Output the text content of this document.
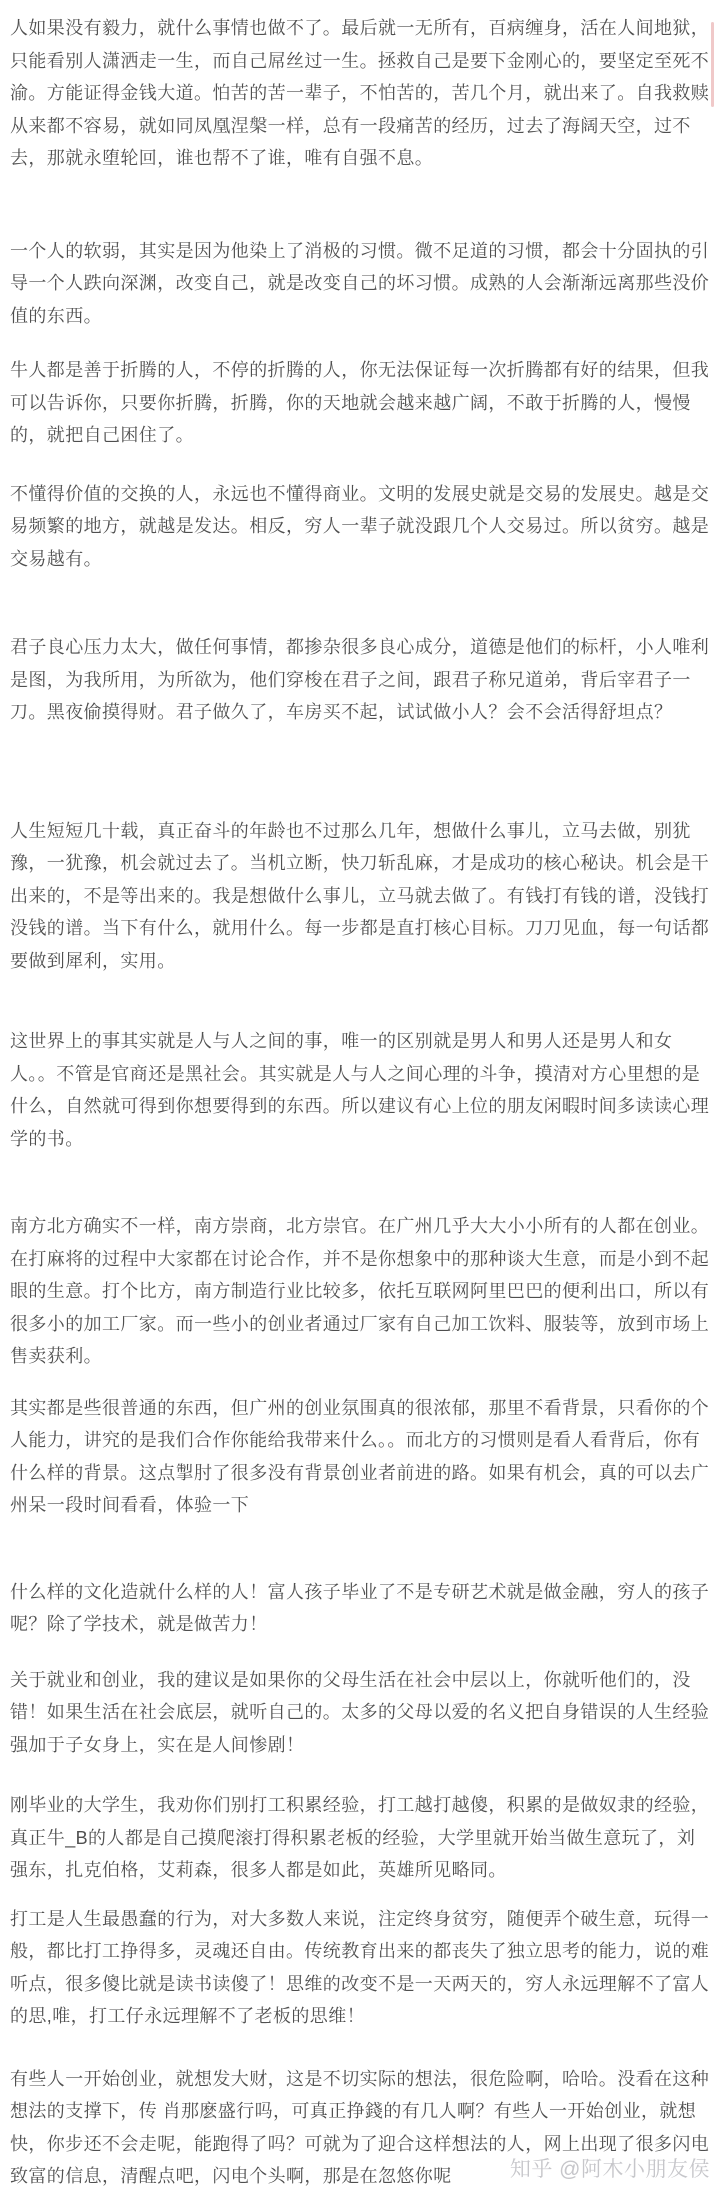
人如果没有毅力，就什么事情也做不了。最后就一无所有，百病缠身，活在人间地狱，只能看别人潇洒走一生，而自己屌丝过一生。拯救自己是要下金刚心的，要坚定至死不渝。方能证得金钱大道。怕苦的苦一辈子，不怕苦的，苦几个月，就出来了。自我救赎从来都不容易，就如同凤凰涅槃一样，总有一段痛苦的经历，过去了海阔天空，过不去，那就永堕轮回，谁也帮不了谁，唯有自强不息。

一个人的软弱，其实是因为他染上了消极的习惯。微不足道的习惯，都会十分固执的引导一个人跌向深渊，改变自己，就是改变自己的坏习惯。成熟的人会渐渐远离那些没价值的东西。

牛人都是善于折腾的人，不停的折腾的人，你无法保证每一次折腾都有好的结果，但我可以告诉你，只要你折腾，折腾，你的天地就会越来越广阔，不敢于折腾的人，慢慢的，就把自己困住了。

不懂得价值的交换的人，永远也不懂得商业。文明的发展史就是交易的发展史。越是交易频繁的地方，就越是发达。相反，穷人一辈子就没跟几个人交易过。所以贫穷。越是交易越有。

君子良心压力太大，做任何事情，都掺杂很多良心成分，道德是他们的标杆，小人唯利是图，为我所用，为所欲为，他们穿梭在君子之间，跟君子称兄道弟，背后宰君子一刀。黑夜偷摸得财。君子做久了，车房买不起，试试做小人？会不会活得舒坦点？

人生短短几十载，真正奋斗的年龄也不过那么几年，想做什么事儿，立马去做，别犹豫，一犹豫，机会就过去了。当机立断，快刀斩乱麻，才是成功的核心秘诀。机会是干出来的，不是等出来的。我是想做什么事儿，立马就去做了。有钱打有钱的谱，没钱打没钱的谱。当下有什么，就用什么。每一步都是直打核心目标。刀刀见血，每一句话都要做到犀利，实用。

这世界上的事其实就是人与人之间的事，唯一的区别就是男人和男人还是男人和女人。。不管是官商还是黑社会。其实就是人与人之间心理的斗争，摸清对方心里想的是什么，自然就可得到你想要得到的东西。所以建议有心上位的朋友闲暇时间多读读心理学的书。

南方北方确实不一样，南方崇商，北方崇官。在广州几乎大大小小所有的人都在创业。在打麻将的过程中大家都在讨论合作，并不是你想象中的那种谈大生意，而是小到不起眼的生意。打个比方，南方制造行业比较多，依托互联网阿里巴巴的便利出口，所以有很多小的加工厂家。而一些小的创业者通过厂家有自己加工饮料、服装等，放到市场上售卖获利。

其实都是些很普通的东西，但广州的创业氛围真的很浓郁，那里不看背景，只看你的个人能力，讲究的是我们合作你能给我带来什么。。而北方的习惯则是看人看背后，你有什么样的背景。这点掣肘了很多没有背景创业者前进的路。如果有机会，真的可以去广州呆一段时间看看，体验一下

什么样的文化造就什么样的人！富人孩子毕业了不是专研艺术就是做金融，穷人的孩子呢？除了学技术，就是做苦力！

关于就业和创业，我的建议是如果你的父母生活在社会中层以上，你就听他们的，没错！如果生活在社会底层，就听自己的。太多的父母以爱的名义把自身错误的人生经验强加于子女身上，实在是人间惨剧！

刚毕业的大学生，我劝你们别打工积累经验，打工越打越傻，积累的是做奴隶的经验，真正牛_B的人都是自己摸爬滚打得积累老板的经验，大学里就开始当做生意玩了，刘强东，扎克伯格，艾莉森，很多人都是如此，英雄所见略同。

打工是人生最愚蠢的行为，对大多数人来说，注定终身贫穷，随便弄个破生意，玩得一般，都比打工挣得多，灵魂还自由。传统教育出来的都丧失了独立思考的能力，说的难听点，很多傻比就是读书读傻了！思维的改变不是一天两天的，穷人永远理解不了富人的思,唯，打工仔永远理解不了老板的思维！

有些人一开始创业，就想发大财，这是不切实际的想法，很危险啊，哈哈。没看在这种想法的支撑下，传 肖那麽盛行吗，可真正挣錢的有几人啊？有些人一开始创业，就想快，你步还不会走呢，能跑得了吗？可就为了迎合这样想法的人，网上出现了很多闪电致富的信息，清醒点吧，闪电个头啊，那是在忽悠你呢	知乎 @阿木小朋友侯
